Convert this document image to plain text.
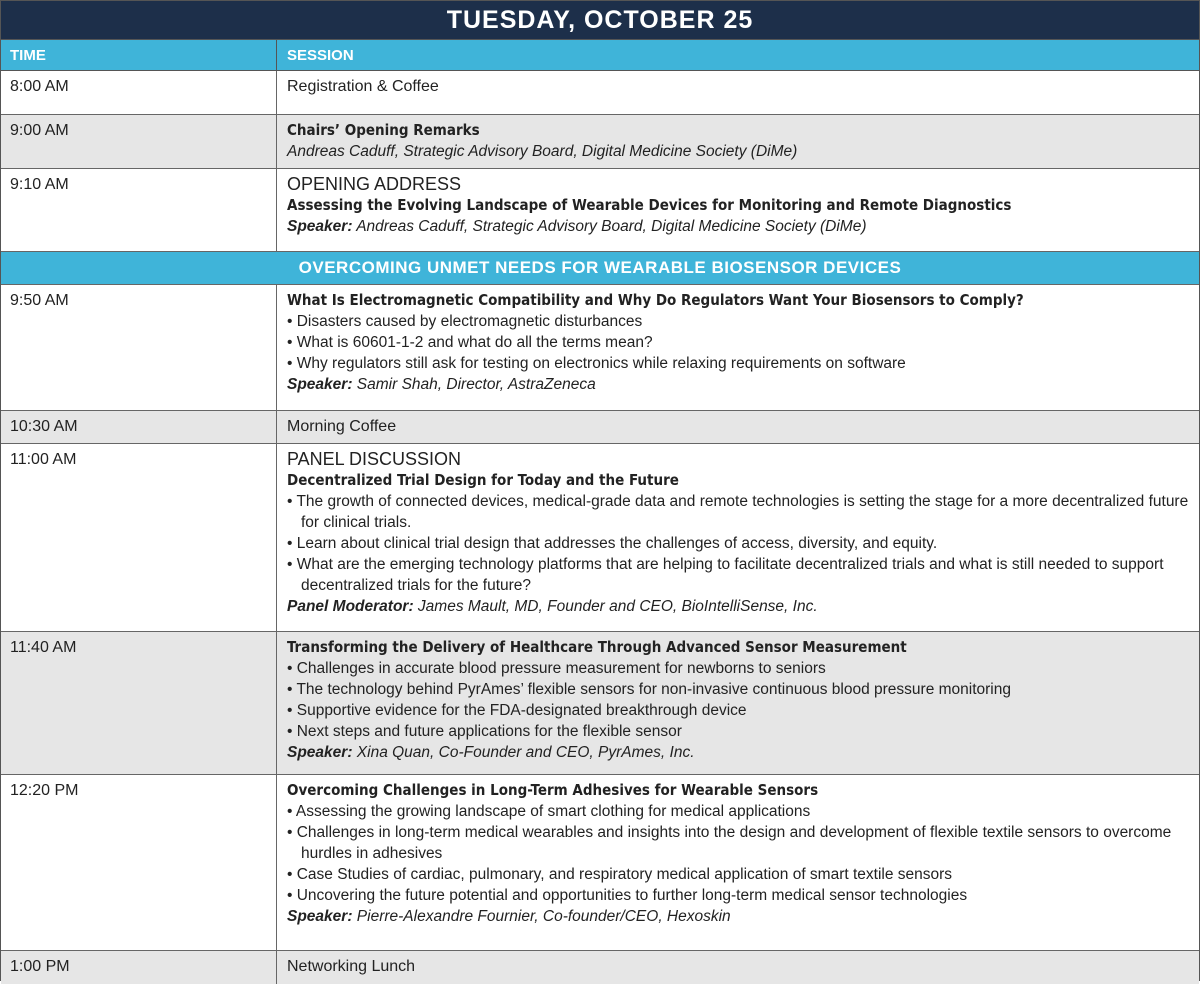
TUESDAY, OCTOBER 25
TIME	SESSION
8:00 AM	Registration & Coffee
9:00 AM	Chairs’ Opening Remarks
Andreas Caduff, Strategic Advisory Board, Digital Medicine Society (DiMe)
9:10 AM	OPENING ADDRESS
Assessing the Evolving Landscape of Wearable Devices for Monitoring and Remote Diagnostics
Speaker: Andreas Caduff, Strategic Advisory Board, Digital Medicine Society (DiMe)
OVERCOMING UNMET NEEDS FOR WEARABLE BIOSENSOR DEVICES
9:50 AM	What Is Electromagnetic Compatibility and Why Do Regulators Want Your Biosensors to Comply?
• Disasters caused by electromagnetic disturbances
• What is 60601-1-2 and what do all the terms mean?
• Why regulators still ask for testing on electronics while relaxing requirements on software
Speaker: Samir Shah, Director, AstraZeneca
10:30 AM	Morning Coffee
11:00 AM	PANEL DISCUSSION
Decentralized Trial Design for Today and the Future
• The growth of connected devices, medical-grade data and remote technologies is setting the stage for a more decentralized future for clinical trials.
• Learn about clinical trial design that addresses the challenges of access, diversity, and equity.
• What are the emerging technology platforms that are helping to facilitate decentralized trials and what is still needed to support decentralized trials for the future?
Panel Moderator: James Mault, MD, Founder and CEO, BioIntelliSense, Inc.
11:40 AM	Transforming the Delivery of Healthcare Through Advanced Sensor Measurement
• Challenges in accurate blood pressure measurement for newborns to seniors
• The technology behind PyrAmes’ flexible sensors for non-invasive continuous blood pressure monitoring
• Supportive evidence for the FDA-designated breakthrough device
• Next steps and future applications for the flexible sensor
Speaker: Xina Quan, Co-Founder and CEO, PyrAmes, Inc.
12:20 PM	Overcoming Challenges in Long-Term Adhesives for Wearable Sensors
• Assessing the growing landscape of smart clothing for medical applications
• Challenges in long-term medical wearables and insights into the design and development of flexible textile sensors to overcome hurdles in adhesives
• Case Studies of cardiac, pulmonary, and respiratory medical application of smart textile sensors
• Uncovering the future potential and opportunities to further long-term medical sensor technologies
Speaker: Pierre-Alexandre Fournier, Co-founder/CEO, Hexoskin
1:00 PM	Networking Lunch
